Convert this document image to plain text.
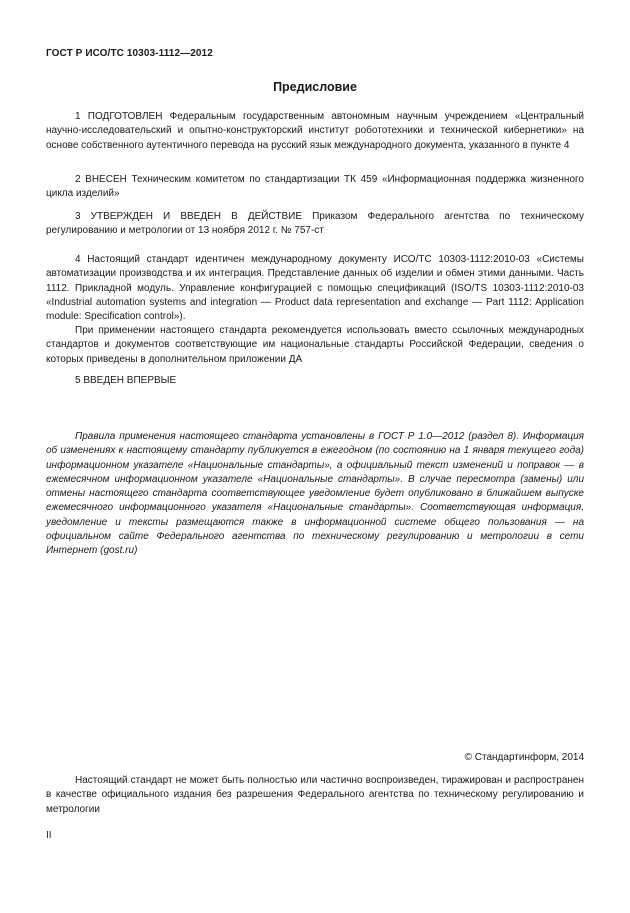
ГОСТ Р ИСО/ТС 10303-1112—2012
Предисловие

1 ПОДГОТОВЛЕН Федеральным государственным автономным научным учреждением «Центральный научно-исследовательский и опытно-конструкторский институт робототехники и технической кибернетики» на основе собственного аутентичного перевода на русский язык международного документа, указанного в пункте 4

2 ВНЕСЕН Техническим комитетом по стандартизации ТК 459 «Информационная поддержка жизненного цикла изделий»

3 УТВЕРЖДЕН И ВВЕДЕН В ДЕЙСТВИЕ Приказом Федерального агентства по техническому регулированию и метрологии от 13 ноября 2012 г. № 757-ст

4 Настоящий стандарт идентичен международному документу ИСО/ТС 10303-1112:2010-03 «Системы автоматизации производства и их интеграция. Представление данных об изделии и обмен этими данными. Часть 1112. Прикладной модуль. Управление конфигурацией с помощью спецификаций (ISO/TS 10303-1112:2010-03 «Industrial automation systems and integration — Product data representation and exchange — Part 1112: Application module: Specification control»).

При применении настоящего стандарта рекомендуется использовать вместо ссылочных международных стандартов и документов соответствующие им национальные стандарты Российской Федерации, сведения о которых приведены в дополнительном приложении ДА

5 ВВЕДЕН ВПЕРВЫЕ

Правила применения настоящего стандарта установлены в ГОСТ Р 1.0—2012 (раздел 8). Информация об изменениях к настоящему стандарту публикуется в ежегодном (по состоянию на 1 января текущего года) информационном указателе «Национальные стандарты», а официальный текст изменений и поправок — в ежемесячном информационном указателе «Национальные стандарты». В случае пересмотра (замены) или отмены настоящего стандарта соответствующее уведомление будет опубликовано в ближайшем выпуске ежемесячного информационного указателя «Национальные стандарты». Соответствующая информация, уведомление и тексты размещаются также в информационной системе общего пользования — на официальном сайте Федерального агентства по техническому регулированию и метрологии в сети Интернет (gost.ru)

© Стандартинформ, 2014

Настоящий стандарт не может быть полностью или частично воспроизведен, тиражирован и распространен в качестве официального издания без разрешения Федерального агентства по техническому регулированию и метрологии

II
